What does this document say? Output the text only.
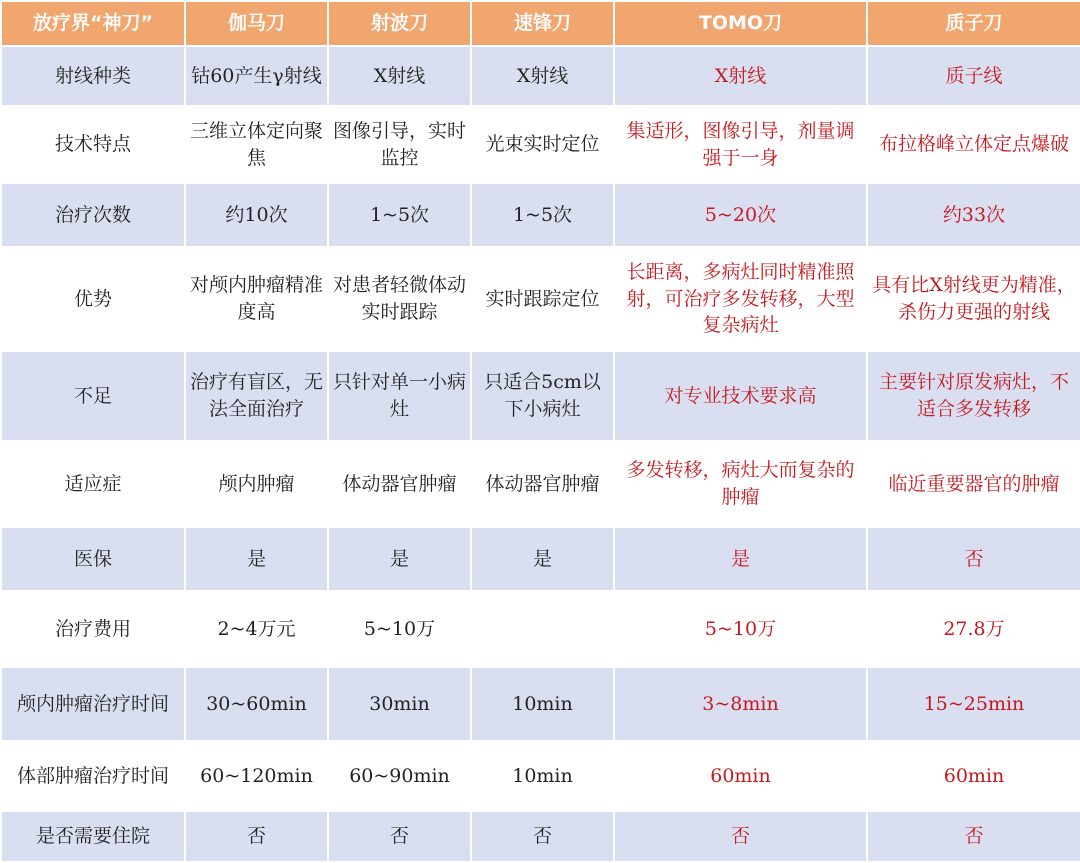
放疗界“神刀”	伽马刀	射波刀	速锋刀	TOMO刀	质子刀
射线种类	钴60产生γ射线	X射线	X射线	X射线	质子线
技术特点	三维立体定向聚焦	图像引导，实时监控	光束实时定位	集适形，图像引导，剂量调强于一身	布拉格峰立体定点爆破
治疗次数	约10次	1~5次	1~5次	5~20次	约33次
优势	对颅内肿瘤精准度高	对患者轻微体动实时跟踪	实时跟踪定位	长距离，多病灶同时精准照射，可治疗多发转移，大型复杂病灶	具有比X射线更为精准，杀伤力更强的射线
不足	治疗有盲区，无法全面治疗	只针对单一小病灶	只适合5cm以下小病灶	对专业技术要求高	主要针对原发病灶，不适合多发转移
适应症	颅内肿瘤	体动器官肿瘤	体动器官肿瘤	多发转移，病灶大而复杂的肿瘤	临近重要器官的肿瘤
医保	是	是	是	是	否
治疗费用	2~4万元	5~10万		5~10万	27.8万
颅内肿瘤治疗时间	30~60min	30min	10min	3~8min	15~25min
体部肿瘤治疗时间	60~120min	60~90min	10min	60min	60min
是否需要住院	否	否	否	否	否
